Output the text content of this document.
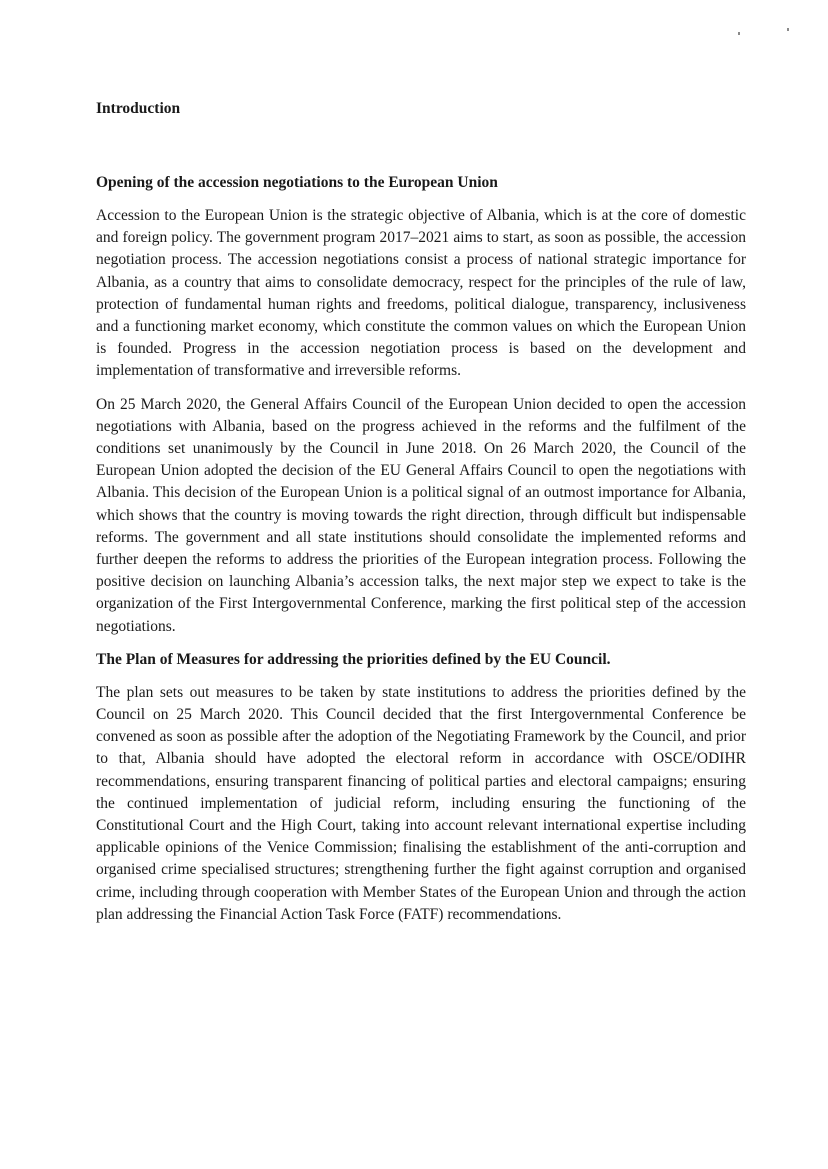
Introduction
Opening of the accession negotiations to the European Union

Accession to the European Union is the strategic objective of Albania, which is at the core of domestic and foreign policy. The government program 2017–2021 aims to start, as soon as possible, the accession negotiation process. The accession negotiations consist a process of national strategic importance for Albania, as a country that aims to consolidate democracy, respect for the principles of the rule of law, protection of fundamental human rights and freedoms, political dialogue, transparency, inclusiveness and a functioning market economy, which constitute the common values on which the European Union is founded. Progress in the accession negotiation process is based on the development and implementation of transformative and irreversible reforms.

On 25 March 2020, the General Affairs Council of the European Union decided to open the accession negotiations with Albania, based on the progress achieved in the reforms and the fulfilment of the conditions set unanimously by the Council in June 2018. On 26 March 2020, the Council of the European Union adopted the decision of the EU General Affairs Council to open the negotiations with Albania. This decision of the European Union is a political signal of an outmost importance for Albania, which shows that the country is moving towards the right direction, through difficult but indispensable reforms. The government and all state institutions should consolidate the implemented reforms and further deepen the reforms to address the priorities of the European integration process. Following the positive decision on launching Albania’s accession talks, the next major step we expect to take is the organization of the First Intergovernmental Conference, marking the first political step of the accession negotiations.

The Plan of Measures for addressing the priorities defined by the EU Council.

The plan sets out measures to be taken by state institutions to address the priorities defined by the Council on 25 March 2020. This Council decided that the first Intergovernmental Conference be convened as soon as possible after the adoption of the Negotiating Framework by the Council, and prior to that, Albania should have adopted the electoral reform in accordance with OSCE/ODIHR recommendations, ensuring transparent financing of political parties and electoral campaigns; ensuring the continued implementation of judicial reform, including ensuring the functioning of the Constitutional Court and the High Court, taking into account relevant international expertise including applicable opinions of the Venice Commission; finalising the establishment of the anti-corruption and organised crime specialised structures; strengthening further the fight against corruption and organised crime, including through cooperation with Member States of the European Union and through the action plan addressing the Financial Action Task Force (FATF) recommendations.
